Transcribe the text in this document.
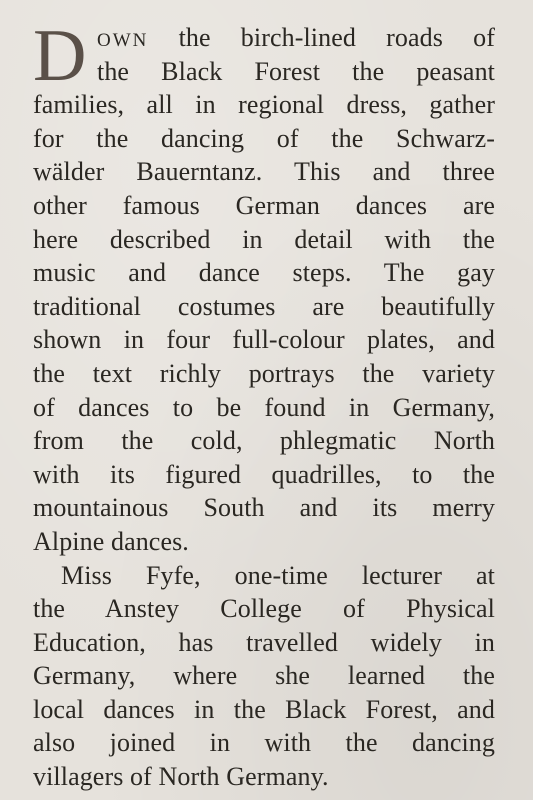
D OWN the birch-lined roads of
the Black Forest the peasant
families, all in regional dress, gather
for the dancing of the Schwarz-
wälder Bauerntanz. This and three
other famous German dances are
here described in detail with the
music and dance steps. The gay
traditional costumes are beautifully
shown in four full-colour plates, and
the text richly portrays the variety
of dances to be found in Germany,
from the cold, phlegmatic North
with its figured quadrilles, to the
mountainous South and its merry
Alpine dances.
Miss Fyfe, one-time lecturer at
the Anstey College of Physical
Education, has travelled widely in
Germany, where she learned the
local dances in the Black Forest, and
also joined in with the dancing
villagers of North Germany.
